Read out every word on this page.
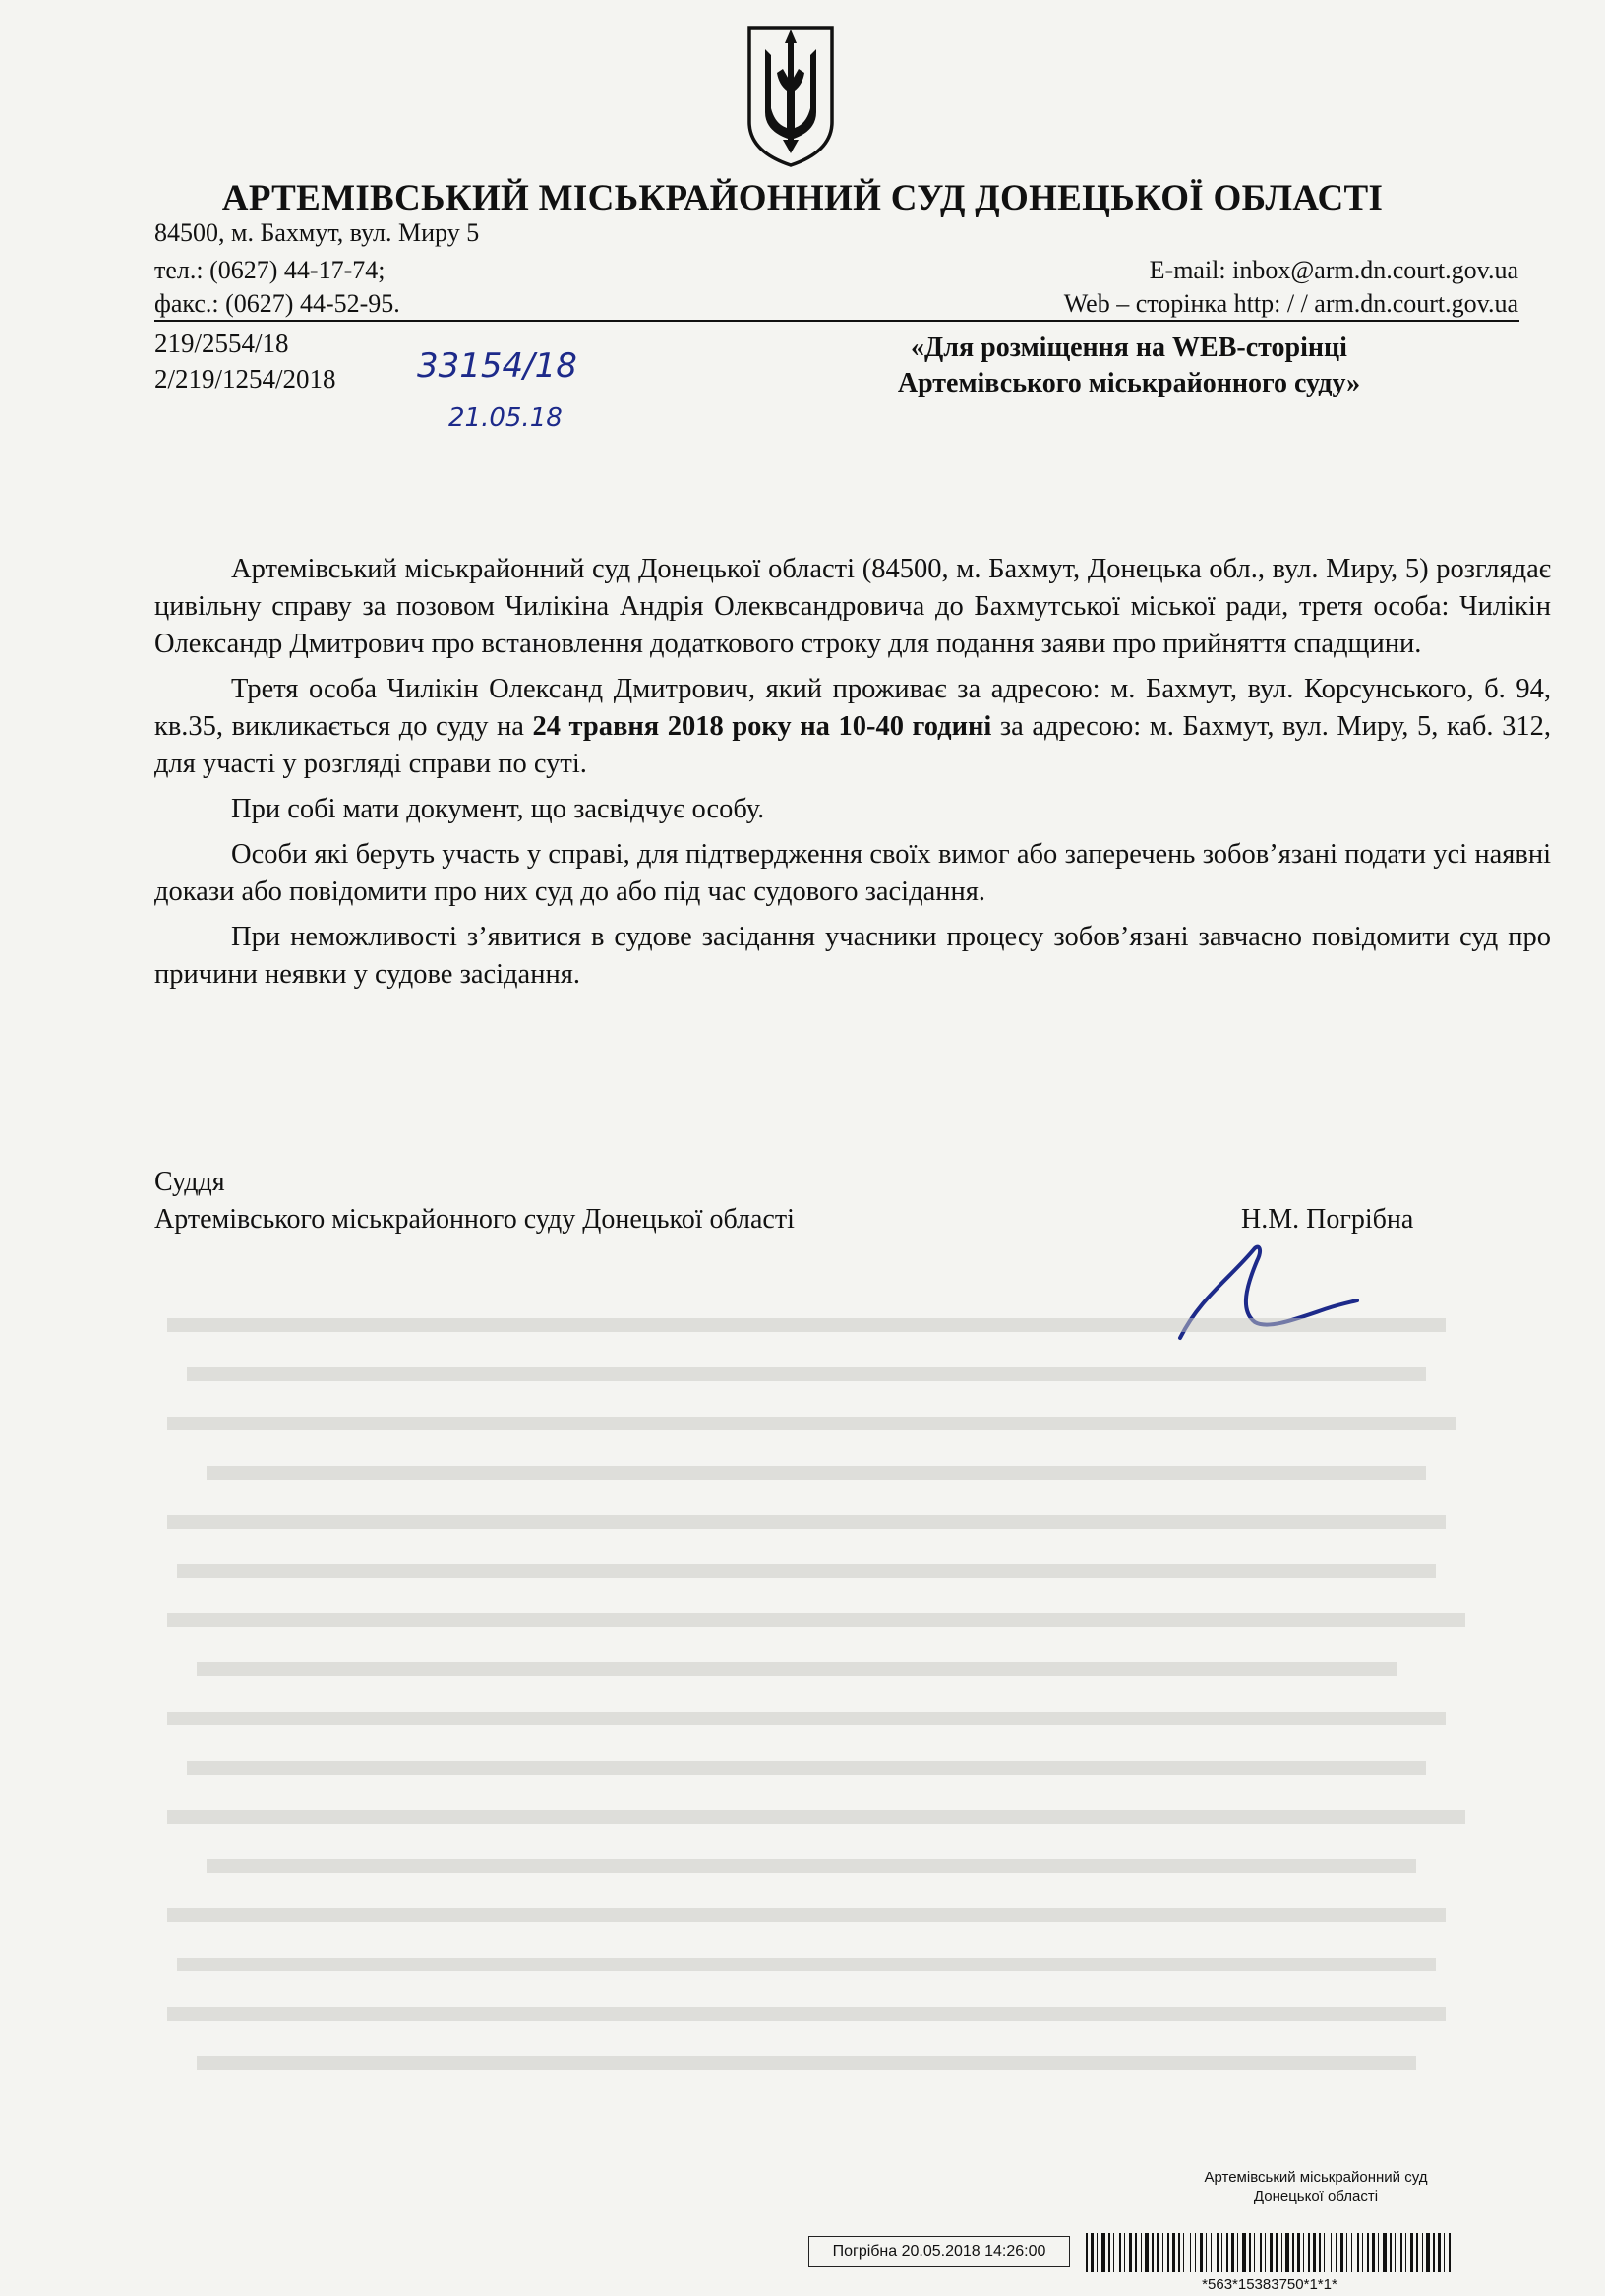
АРТЕМІВСЬКИЙ МІСЬКРАЙОННИЙ СУД ДОНЕЦЬКОЇ ОБЛАСТІ
84500, м. Бахмут, вул. Миру 5
тел.: (0627) 44-17-74;
факс.: (0627) 44-52-95.
E-mail: inbox@arm.dn.court.gov.ua
Web – сторінка http: / / arm.dn.court.gov.ua
219/2554/18
2/219/1254/2018 33154/18
21.05.18
«Для розміщення на WEB-сторінці
Артемівського міськрайонного суду»

Артемівський міськрайонний суд Донецької області (84500, м. Бахмут, Донецька обл., вул. Миру, 5) розглядає цивільну справу за позовом Чилікіна Андрія Олеквсандровича до Бахмутської міської ради, третя особа: Чилікін Олександр Дмитрович про встановлення додаткового строку для подання заяви про прийняття спадщини.

Третя особа Чилікін Олександ Дмитрович, який проживає за адресою: м. Бахмут, вул. Корсунського, б. 94, кв.35, викликається до суду на 24 травня 2018 року на 10-40 годині за адресою: м. Бахмут, вул. Миру, 5, каб. 312, для участі у розгляді справи по суті.

При собі мати документ, що засвідчує особу.

Особи які беруть участь у справі, для підтвердження своїх вимог або заперечень зобов’язані подати усі наявні докази або повідомити про них суд до або під час судового засідання.

При неможливості з’явитися в судове засідання учасники процесу зобов’язані завчасно повідомити суд про причини неявки у судове засідання.

Суддя
Артемівського міськрайонного суду Донецької області	Н.М. Погрібна
Артемівський міськрайонний суд
Донецької області
Погрібна 20.05.2018 14:26:00
*563*15383750*1*1*
